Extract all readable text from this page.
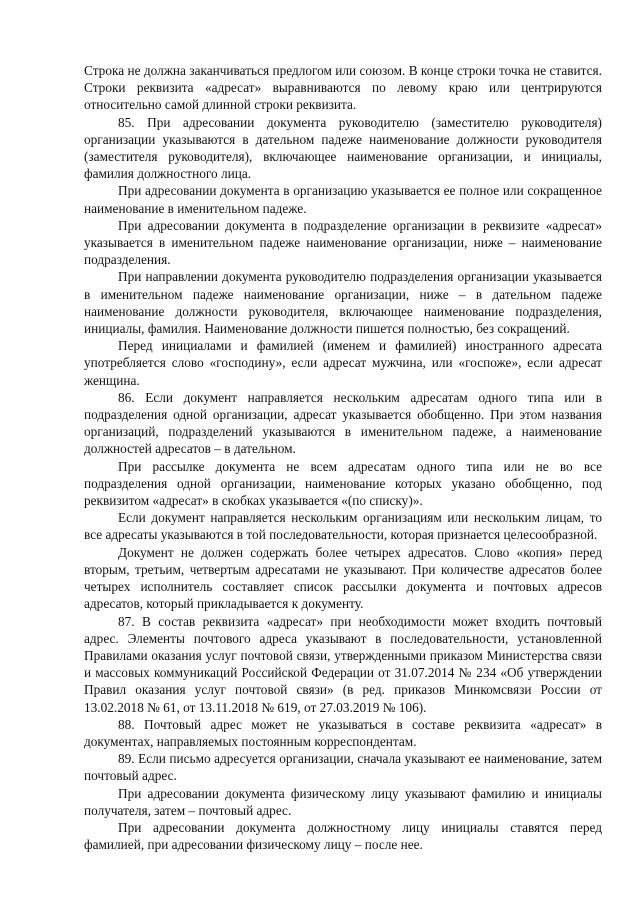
Строка не должна заканчиваться предлогом или союзом. В конце строки точка не ставится. Строки реквизита «адресат» выравниваются по левому краю или центрируются относительно самой длинной строки реквизита.

85. При адресовании документа руководителю (заместителю руководителя) организации указываются в дательном падеже наименование должности руководителя (заместителя руководителя), включающее наименование организации, и инициалы, фамилия должностного лица.

При адресовании документа в организацию указывается ее полное или сокращенное наименование в именительном падеже.

При адресовании документа в подразделение организации в реквизите «адресат» указывается в именительном падеже наименование организации, ниже – наименование подразделения.

При направлении документа руководителю подразделения организации указывается в именительном падеже наименование организации, ниже – в дательном падеже наименование должности руководителя, включающее наименование подразделения, инициалы, фамилия. Наименование должности пишется полностью, без сокращений.

Перед инициалами и фамилией (именем и фамилией) иностранного адресата употребляется слово «господину», если адресат мужчина, или «госпоже», если адресат женщина.

86. Если документ направляется нескольким адресатам одного типа или в подразделения одной организации, адресат указывается обобщенно. При этом названия организаций, подразделений указываются в именительном падеже, а наименование должностей адресатов – в дательном.

При рассылке документа не всем адресатам одного типа или не во все подразделения одной организации, наименование которых указано обобщенно, под реквизитом «адресат» в скобках указывается «(по списку)».

Если документ направляется нескольким организациям или нескольким лицам, то все адресаты указываются в той последовательности, которая признается целесообразной.

Документ не должен содержать более четырех адресатов. Слово «копия» перед вторым, третьим, четвертым адресатами не указывают. При количестве адресатов более четырех исполнитель составляет список рассылки документа и почтовых адресов адресатов, который прикладывается к документу.

87. В состав реквизита «адресат» при необходимости может входить почтовый адрес. Элементы почтового адреса указывают в последовательности, установленной Правилами оказания услуг почтовой связи, утвержденными приказом Министерства связи и массовых коммуникаций Российской Федерации от 31.07.2014 № 234 «Об утверждении Правил оказания услуг почтовой связи» (в ред. приказов Минкомсвязи России от 13.02.2018 № 61, от 13.11.2018 № 619, от 27.03.2019 № 106).

88. Почтовый адрес может не указываться в составе реквизита «адресат» в документах, направляемых постоянным корреспондентам.

89. Если письмо адресуется организации, сначала указывают ее наименование, затем почтовый адрес.

При адресовании документа физическому лицу указывают фамилию и инициалы получателя, затем – почтовый адрес.

При адресовании документа должностному лицу инициалы ставятся перед фамилией, при адресовании физическому лицу – после нее.
